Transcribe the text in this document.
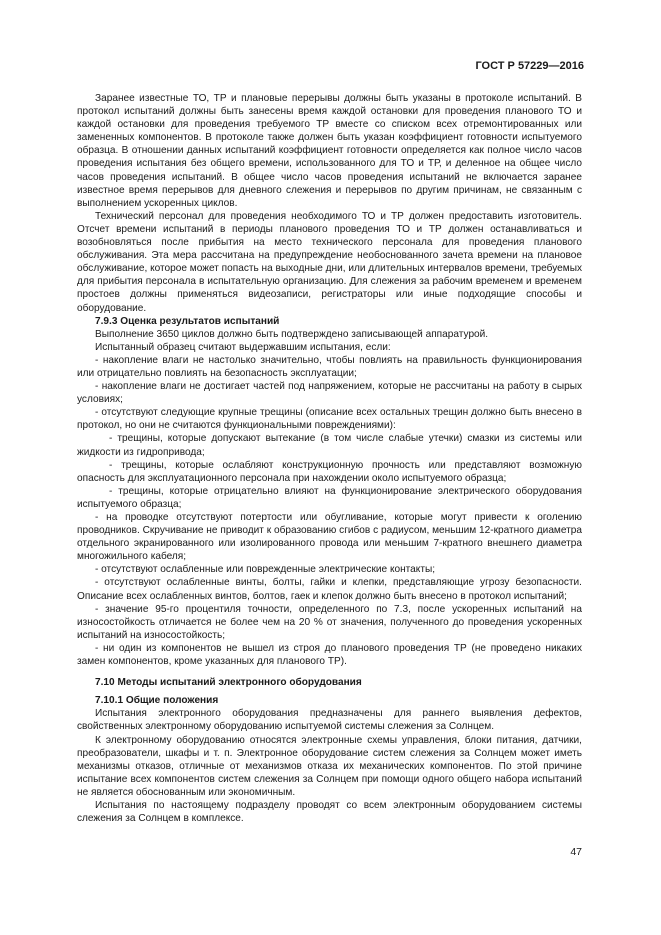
ГОСТ Р 57229—2016

Заранее известные ТО, ТР и плановые перерывы должны быть указаны в протоколе испытаний. В протокол испытаний должны быть занесены время каждой остановки для проведения планового ТО и каждой остановки для проведения требуемого ТР вместе со списком всех отремонтированных или замененных компонентов. В протоколе также должен быть указан коэффициент готовности испытуемого образца. В отношении данных испытаний коэффициент готовности определяется как полное число часов проведения испытания без общего времени, использованного для ТО и ТР, и деленное на общее число часов проведения испытаний. В общее число часов проведения испытаний не включается заранее известное время перерывов для дневного слежения и перерывов по другим причинам, не связанным с выполнением ускоренных циклов.

Технический персонал для проведения необходимого ТО и ТР должен предоставить изготовитель. Отсчет времени испытаний в периоды планового проведения ТО и ТР должен останавливаться и возобновляться после прибытия на место технического персонала для проведения планового обслуживания. Эта мера рассчитана на предупреждение необоснованного зачета времени на плановое обслуживание, которое может попасть на выходные дни, или длительных интервалов времени, требуемых для прибытия персонала в испытательную организацию. Для слежения за рабочим временем и временем простоев должны применяться видеозаписи, регистраторы или иные подходящие способы и оборудование.

7.9.3 Оценка результатов испытаний

Выполнение 3650 циклов должно быть подтверждено записывающей аппаратурой.

Испытанный образец считают выдержавшим испытания, если:

- накопление влаги не настолько значительно, чтобы повлиять на правильность функционирования или отрицательно повлиять на безопасность эксплуатации;

- накопление влаги не достигает частей под напряжением, которые не рассчитаны на работу в сырых условиях;

- отсутствуют следующие крупные трещины (описание всех остальных трещин должно быть внесено в протокол, но они не считаются функциональными повреждениями):

- трещины, которые допускают вытекание (в том числе слабые утечки) смазки из системы или жидкости из гидропривода;

- трещины, которые ослабляют конструкционную прочность или представляют возможную опасность для эксплуатационного персонала при нахождении около испытуемого образца;

- трещины, которые отрицательно влияют на функционирование электрического оборудования испытуемого образца;

- на проводке отсутствуют потертости или обугливание, которые могут привести к оголению проводников. Скручивание не приводит к образованию сгибов с радиусом, меньшим 12-кратного диаметра отдельного экранированного или изолированного провода или меньшим 7-кратного внешнего диаметра многожильного кабеля;

- отсутствуют ослабленные или поврежденные электрические контакты;

- отсутствуют ослабленные винты, болты, гайки и клепки, представляющие угрозу безопасности. Описание всех ослабленных винтов, болтов, гаек и клепок должно быть внесено в протокол испытаний;

- значение 95-го процентиля точности, определенного по 7.3, после ускоренных испытаний на износостойкость отличается не более чем на 20 % от значения, полученного до проведения ускоренных испытаний на износостойкость;

- ни один из компонентов не вышел из строя до планового проведения ТР (не проведено никаких замен компонентов, кроме указанных для планового ТР).

7.10 Методы испытаний электронного оборудования

7.10.1 Общие положения

Испытания электронного оборудования предназначены для раннего выявления дефектов, свойственных электронному оборудованию испытуемой системы слежения за Солнцем.

К электронному оборудованию относятся электронные схемы управления, блоки питания, датчики, преобразователи, шкафы и т. п. Электронное оборудование систем слежения за Солнцем может иметь механизмы отказов, отличные от механизмов отказа их механических компонентов. По этой причине испытание всех компонентов систем слежения за Солнцем при помощи одного общего набора испытаний не является обоснованным или экономичным.

Испытания по настоящему подразделу проводят со всем электронным оборудованием системы слежения за Солнцем в комплексе.

47
